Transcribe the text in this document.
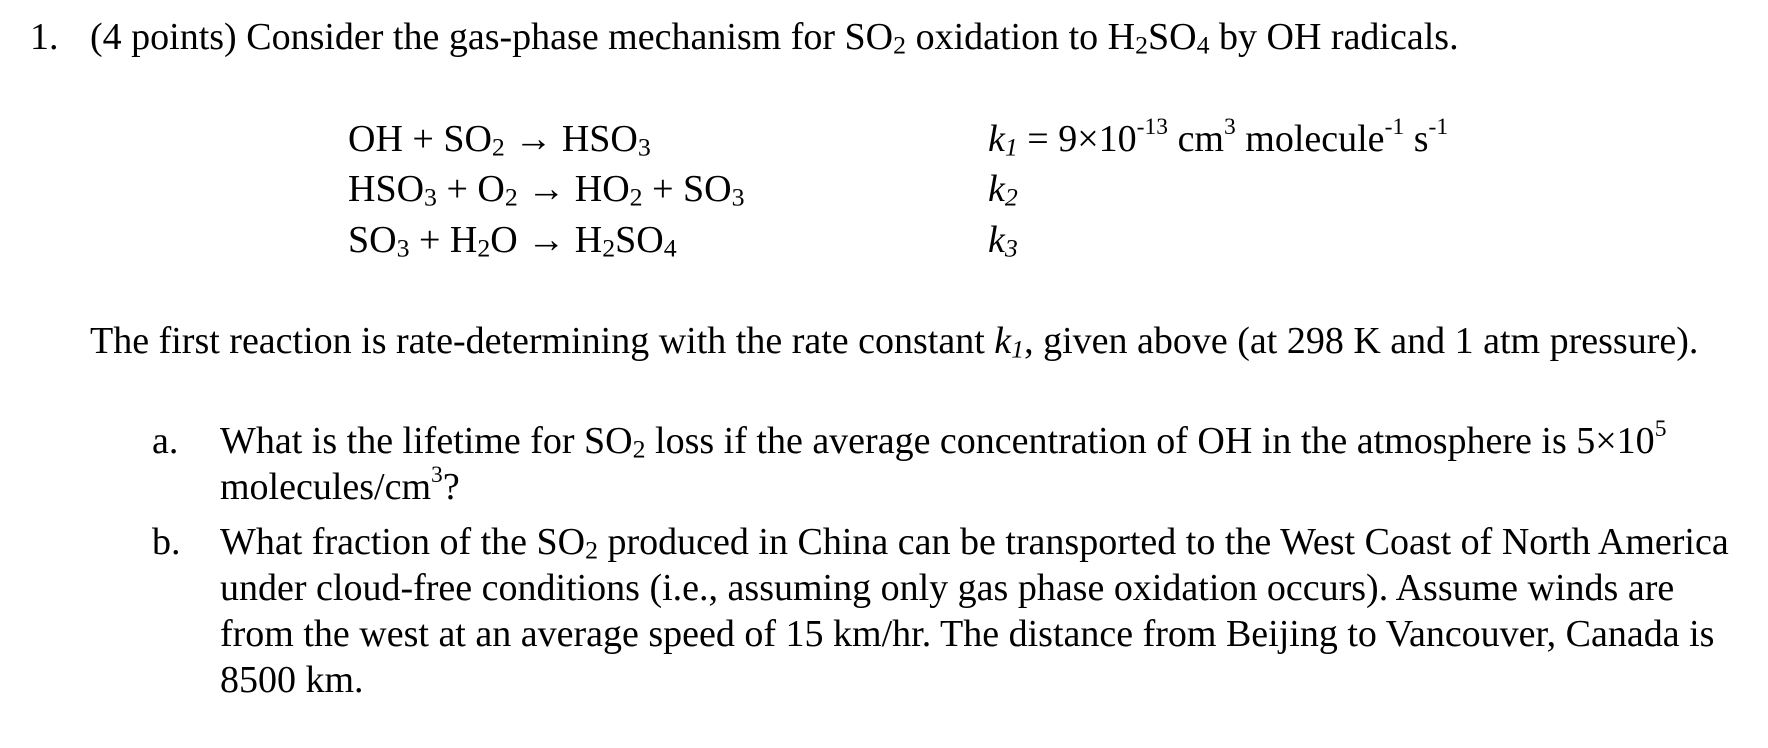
1. (4 points) Consider the gas-phase mechanism for $SO_2$ oxidation to $H_2SO_4$ by OH radicals.
OH + $SO_2 \to HSO_3$	$k_1 = 9\times 10^{-13}$ $cm^3$ molecule$^{-1}$ $s^{-1}$
$HSO_3 + O_2 \to HO_2 + SO_3$	$k_2$
$SO_3 + H_2O \to H_2SO_4$	$k_3$
The first reaction is rate-determining with the rate constant $k_1$, given above (at 298 K and 1 atm pressure).
a. What is the lifetime for $SO_2$ loss if the average concentration of OH in the atmosphere is $5\times 10^5$ molecules/$cm^3$?
b. What fraction of the $SO_2$ produced in China can be transported to the West Coast of North America under cloud-free conditions (i.e., assuming only gas phase oxidation occurs). Assume winds are from the west at an average speed of 15 km/hr. The distance from Beijing to Vancouver, Canada is 8500 km.
